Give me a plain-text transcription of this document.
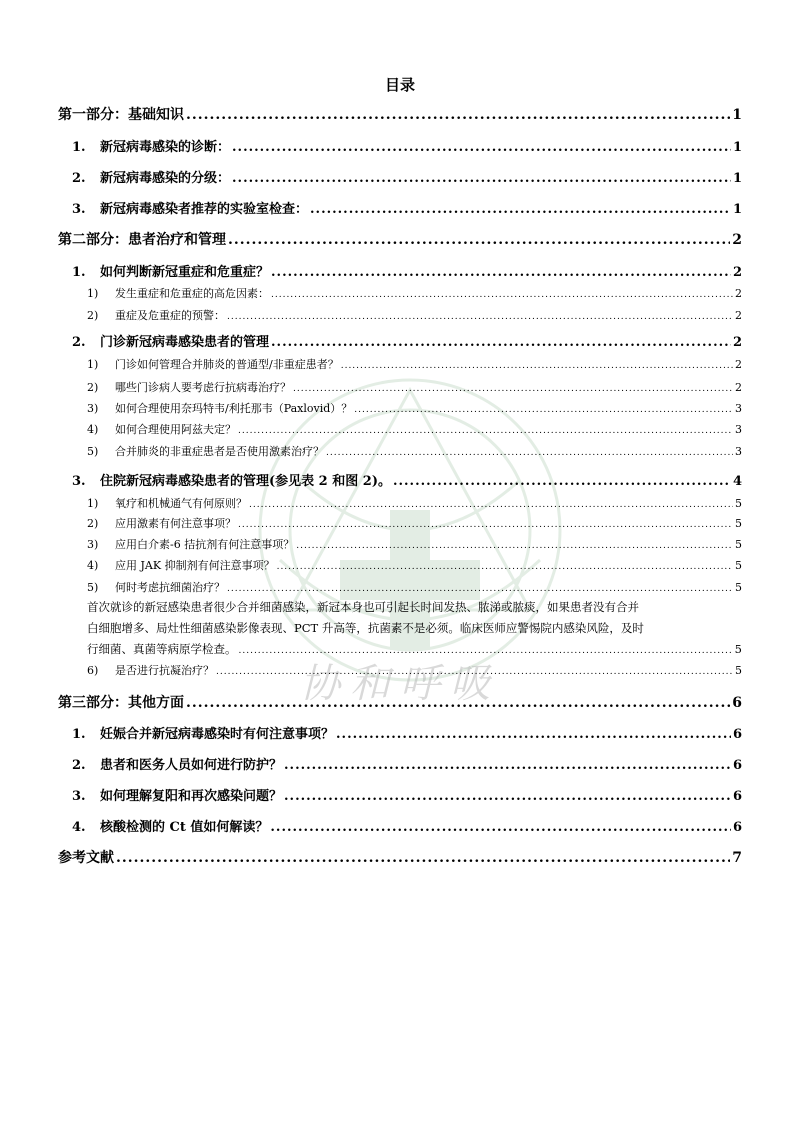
协和呼吸
目录
第一部分：基础知识 .....	1
1.	新冠病毒感染的诊断： .....	1
2.	新冠病毒感染的分级： .....	1
3.	新冠病毒感染者推荐的实验室检查： .....	1
第二部分：患者治疗和管理 .....	2
1.	如何判断新冠重症和危重症？ .....	2
1)	发生重症和危重症的高危因素： .....	2
2)	重症及危重症的预警： .....	2
2.	门诊新冠病毒感染患者的管理 .....	2
1)	门诊如何管理合并肺炎的普通型/非重症患者？ .....	2
2)	哪些门诊病人要考虑行抗病毒治疗？ .....	2
3)	如何合理使用奈玛特韦/利托那韦（Paxlovid）？ .....	3
4)	如何合理使用阿兹夫定？ .....	3
5)	合并肺炎的非重症患者是否使用激素治疗？ .....	3
3.	住院新冠病毒感染患者的管理(参见表 2 和图 2)。 .....	4
1)	氧疗和机械通气有何原则？ .....	5
2)	应用激素有何注意事项？ .....	5
3)	应用白介素-6 拮抗剂有何注意事项？ .....	5
4)	应用 JAK 抑制剂有何注意事项？ .....	5
5)	何时考虑抗细菌治疗？ .....	5
6)	是否进行抗凝治疗？ .....	5
第三部分：其他方面 .....	6
1.	妊娠合并新冠病毒感染时有何注意事项？ .....	6
2.	患者和医务人员如何进行防护？ .....	6
3.	如何理解复阳和再次感染问题？ .....	6
4.	核酸检测的 Ct 值如何解读？ .....	6
参考文献 .....	7
首次就诊的新冠感染患者很少合并细菌感染，新冠本身也可引起长时间发热、脓涕或脓痰，如果患者没有合并
白细胞增多、局灶性细菌感染影像表现、PCT 升高等，抗菌素不是必须。临床医师应警惕院内感染风险，及时
行细菌、真菌等病原学检查。 .....	5
